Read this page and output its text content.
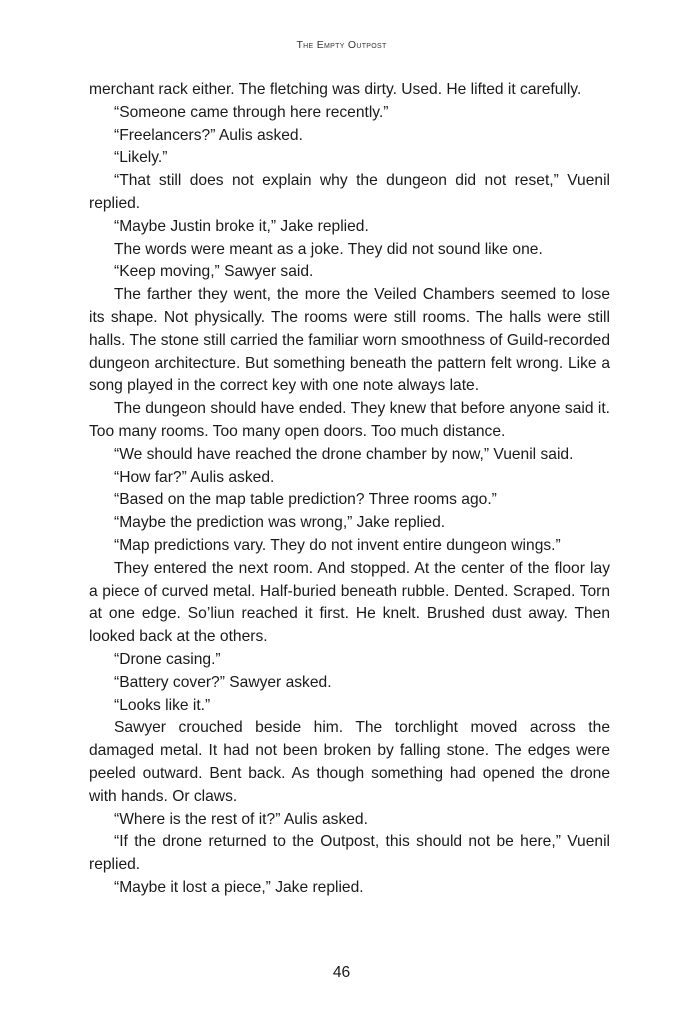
The Empty Outpost

merchant rack either. The fletching was dirty. Used. He lifted it carefully.

“Someone came through here recently.”

“Freelancers?” Aulis asked.

“Likely.”

“That still does not explain why the dungeon did not reset,” Vuenil replied.

“Maybe Justin broke it,” Jake replied.

The words were meant as a joke. They did not sound like one.

“Keep moving,” Sawyer said.

The farther they went, the more the Veiled Chambers seemed to lose its shape. Not physically. The rooms were still rooms. The halls were still halls. The stone still carried the familiar worn smoothness of Guild-recorded dungeon architecture. But something beneath the pattern felt wrong. Like a song played in the correct key with one note always late.

The dungeon should have ended. They knew that before anyone said it. Too many rooms. Too many open doors. Too much distance.

“We should have reached the drone chamber by now,” Vuenil said.

“How far?” Aulis asked.

“Based on the map table prediction? Three rooms ago.”

“Maybe the prediction was wrong,” Jake replied.

“Map predictions vary. They do not invent entire dungeon wings.”

They entered the next room. And stopped. At the center of the floor lay a piece of curved metal. Half-buried beneath rubble. Dented. Scraped. Torn at one edge. So’liun reached it first. He knelt. Brushed dust away. Then looked back at the others.

“Drone casing.”

“Battery cover?” Sawyer asked.

“Looks like it.”

Sawyer crouched beside him. The torchlight moved across the damaged metal. It had not been broken by falling stone. The edges were peeled outward. Bent back. As though something had opened the drone with hands. Or claws.

“Where is the rest of it?” Aulis asked.

“If the drone returned to the Outpost, this should not be here,” Vuenil replied.

“Maybe it lost a piece,” Jake replied.

46
